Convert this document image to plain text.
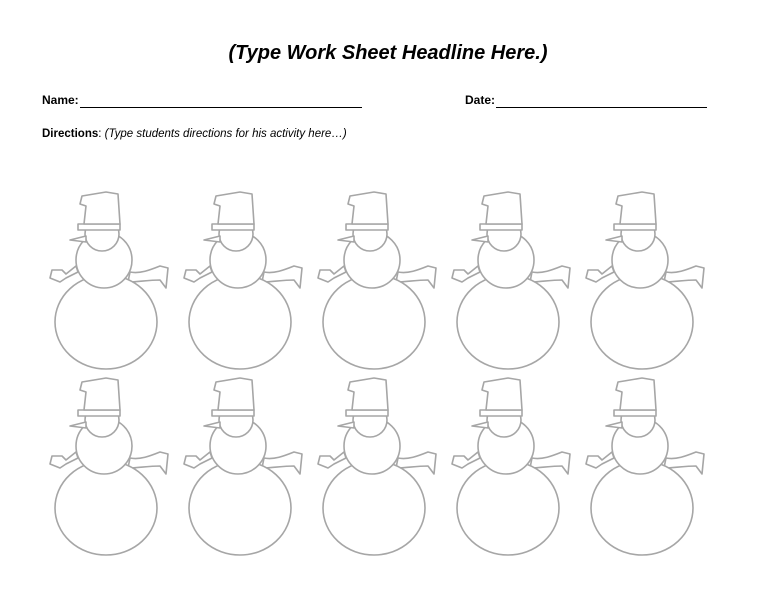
(Type Work Sheet Headline Here.)
Name:	Date:
Directions: (Type students directions for his activity here…)
